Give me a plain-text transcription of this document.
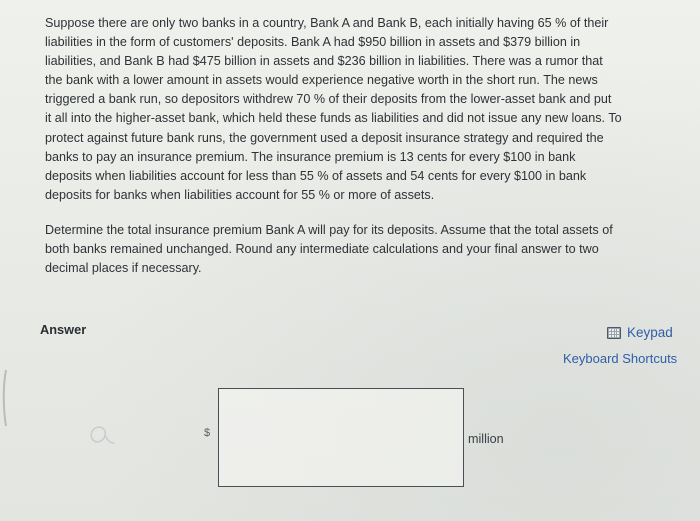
Suppose there are only two banks in a country, Bank A and Bank B, each initially having 65 % of their
liabilities in the form of customers' deposits. Bank A had $950 billion in assets and $379 billion in
liabilities, and Bank B had $475 billion in assets and $236 billion in liabilities. There was a rumor that
the bank with a lower amount in assets would experience negative worth in the short run. The news
triggered a bank run, so depositors withdrew 70 % of their deposits from the lower-asset bank and put
it all into the higher-asset bank, which held these funds as liabilities and did not issue any new loans. To
protect against future bank runs, the government used a deposit insurance strategy and required the
banks to pay an insurance premium. The insurance premium is 13 cents for every $100 in bank
deposits when liabilities account for less than 55 % of assets and 54 cents for every $100 in bank
deposits for banks when liabilities account for 55 % or more of assets.
Determine the total insurance premium Bank A will pay for its deposits. Assume that the total assets of
both banks remained unchanged. Round any intermediate calculations and your final answer to two
decimal places if necessary.
Answer	Keypad
Keyboard Shortcuts
$	million
